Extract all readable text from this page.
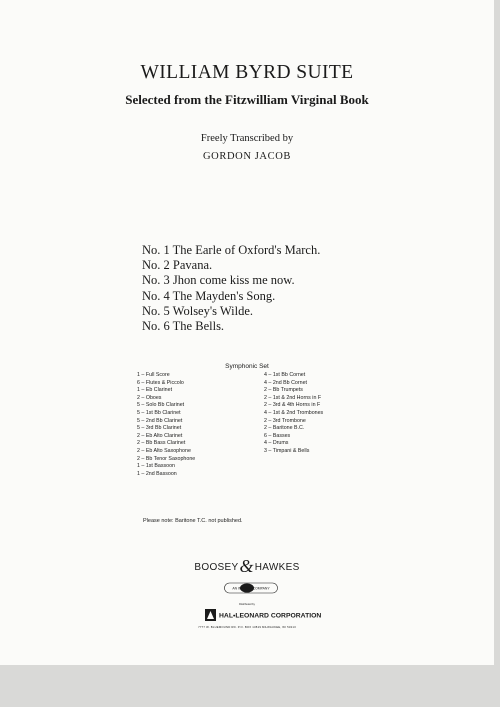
WILLIAM BYRD SUITE
Selected from the Fitzwilliam Virginal Book
Freely Transcribed by
GORDON JACOB
No. 1 The Earle of Oxford's March.
No. 2 Pavana.
No. 3 Jhon come kiss me now.
No. 4 The Mayden's Song.
No. 5 Wolsey's Wilde.
No. 6 The Bells.
Symphonic Set
1 – Full Score
6 – Flutes & Piccolo
1 – Eb Clarinet
2 – Oboes
5 – Solo Bb Clarinet
5 – 1st Bb Clarinet
5 – 2nd Bb Clarinet
5 – 3rd Bb Clarinet
2 – Eb Alto Clarinet
2 – Bb Bass Clarinet
2 – Eb Alto Saxophone
2 – Bb Tenor Saxophone
1 – 1st Bassoon
1 – 2nd Bassoon
4 – 1st Bb Cornet
4 – 2nd Bb Cornet
2 – Bb Trumpets
2 – 1st & 2nd Horns in F
2 – 3rd & 4th Horns in F
4 – 1st & 2nd Trombones
2 – 3rd Trombone
2 – Baritone B.C.
6 – Basses
4 – Drums
3 – Timpani & Bells
Please note: Baritone T.C. not published.
BOOSEY&HAWKES
AN IMAGEM COMPANY
Distributed by
HAL•LEONARD CORPORATION
7777 W. BLUEMOUND RD. P.O. BOX 13819 MILWAUKEE, WI 53213
